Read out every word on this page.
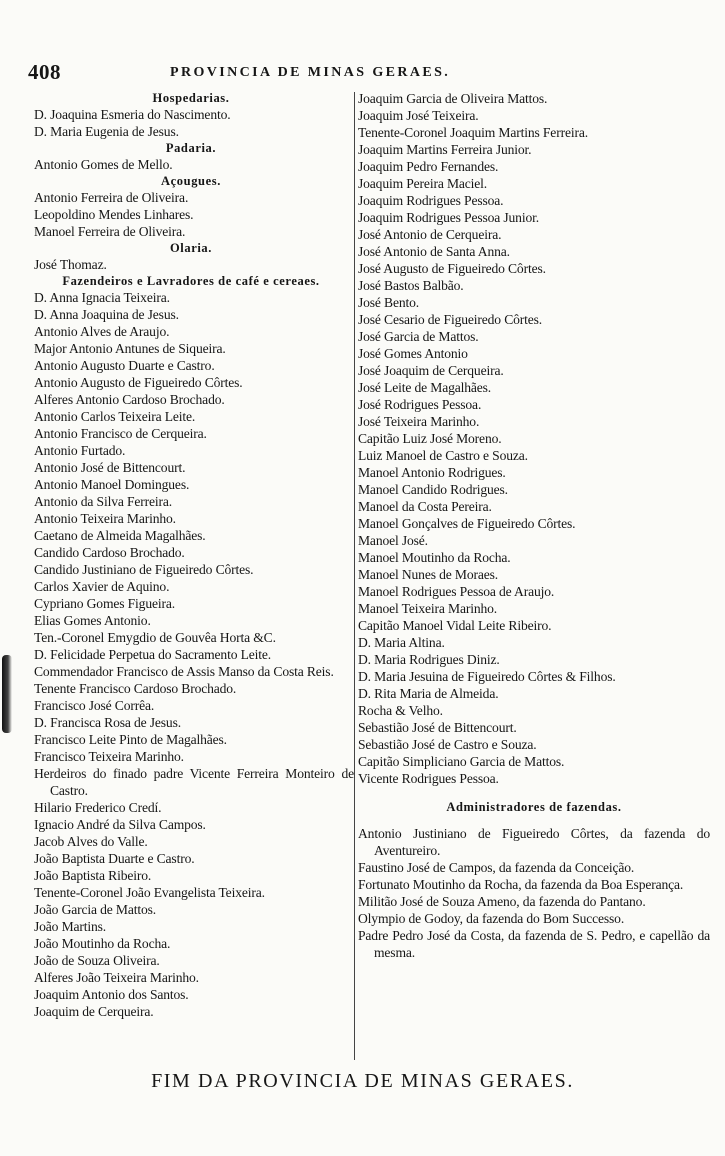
408	PROVINCIA DE MINAS GERAES.
Hospedarias.
D. Joaquina Esmeria do Nascimento.
D. Maria Eugenia de Jesus.
Padaria.
Antonio Gomes de Mello.
Açougues.
Antonio Ferreira de Oliveira.
Leopoldino Mendes Linhares.
Manoel Ferreira de Oliveira.
Olaria.
José Thomaz.
Fazendeiros e Lavradores de café e cereaes.
D. Anna Ignacia Teixeira.
D. Anna Joaquina de Jesus.
Antonio Alves de Araujo.
Major Antonio Antunes de Siqueira.
Antonio Augusto Duarte e Castro.
Antonio Augusto de Figueiredo Côrtes.
Alferes Antonio Cardoso Brochado.
Antonio Carlos Teixeira Leite.
Antonio Francisco de Cerqueira.
Antonio Furtado.
Antonio José de Bittencourt.
Antonio Manoel Domingues.
Antonio da Silva Ferreira.
Antonio Teixeira Marinho.
Caetano de Almeida Magalhães.
Candido Cardoso Brochado.
Candido Justiniano de Figueiredo Côrtes.
Carlos Xavier de Aquino.
Cypriano Gomes Figueira.
Elias Gomes Antonio.
Ten.-Coronel Emygdio de Gouvêa Horta &C.
D. Felicidade Perpetua do Sacramento Leite.
Commendador Francisco de Assis Manso da Costa Reis.
Tenente Francisco Cardoso Brochado.
Francisco José Corrêa.
D. Francisca Rosa de Jesus.
Francisco Leite Pinto de Magalhães.
Francisco Teixeira Marinho.
Herdeiros do finado padre Vicente Ferreira Monteiro de Castro.
Hilario Frederico Credí.
Ignacio André da Silva Campos.
Jacob Alves do Valle.
João Baptista Duarte e Castro.
João Baptista Ribeiro.
Tenente-Coronel João Evangelista Teixeira.
João Garcia de Mattos.
João Martins.
João Moutinho da Rocha.
João de Souza Oliveira.
Alferes João Teixeira Marinho.
Joaquim Antonio dos Santos.
Joaquim de Cerqueira.
Joaquim Garcia de Oliveira Mattos.
Joaquim José Teixeira.
Tenente-Coronel Joaquim Martins Ferreira.
Joaquim Martins Ferreira Junior.
Joaquim Pedro Fernandes.
Joaquim Pereira Maciel.
Joaquim Rodrigues Pessoa.
Joaquim Rodrigues Pessoa Junior.
José Antonio de Cerqueira.
José Antonio de Santa Anna.
José Augusto de Figueiredo Côrtes.
José Bastos Balbão.
José Bento.
José Cesario de Figueiredo Côrtes.
José Garcia de Mattos.
José Gomes Antonio
José Joaquim de Cerqueira.
José Leite de Magalhães.
José Rodrigues Pessoa.
José Teixeira Marinho.
Capitão Luiz José Moreno.
Luiz Manoel de Castro e Souza.
Manoel Antonio Rodrigues.
Manoel Candido Rodrigues.
Manoel da Costa Pereira.
Manoel Gonçalves de Figueiredo Côrtes.
Manoel José.
Manoel Moutinho da Rocha.
Manoel Nunes de Moraes.
Manoel Rodrigues Pessoa de Araujo.
Manoel Teixeira Marinho.
Capitão Manoel Vidal Leite Ribeiro.
D. Maria Altina.
D. Maria Rodrigues Diniz.
D. Maria Jesuina de Figueiredo Côrtes & Filhos.
D. Rita Maria de Almeida.
Rocha & Velho.
Sebastião José de Bittencourt.
Sebastião José de Castro e Souza.
Capitão Simpliciano Garcia de Mattos.
Vicente Rodrigues Pessoa.
Administradores de fazendas.
Antonio Justiniano de Figueiredo Côrtes, da fazenda do Aventureiro.
Faustino José de Campos, da fazenda da Conceição.
Fortunato Moutinho da Rocha, da fazenda da Boa Esperança.
Militão José de Souza Ameno, da fazenda do Pantano.
Olympio de Godoy, da fazenda do Bom Successo.
Padre Pedro José da Costa, da fazenda de S. Pedro, e capellão da mesma.
FIM DA PROVINCIA DE MINAS GERAES.
